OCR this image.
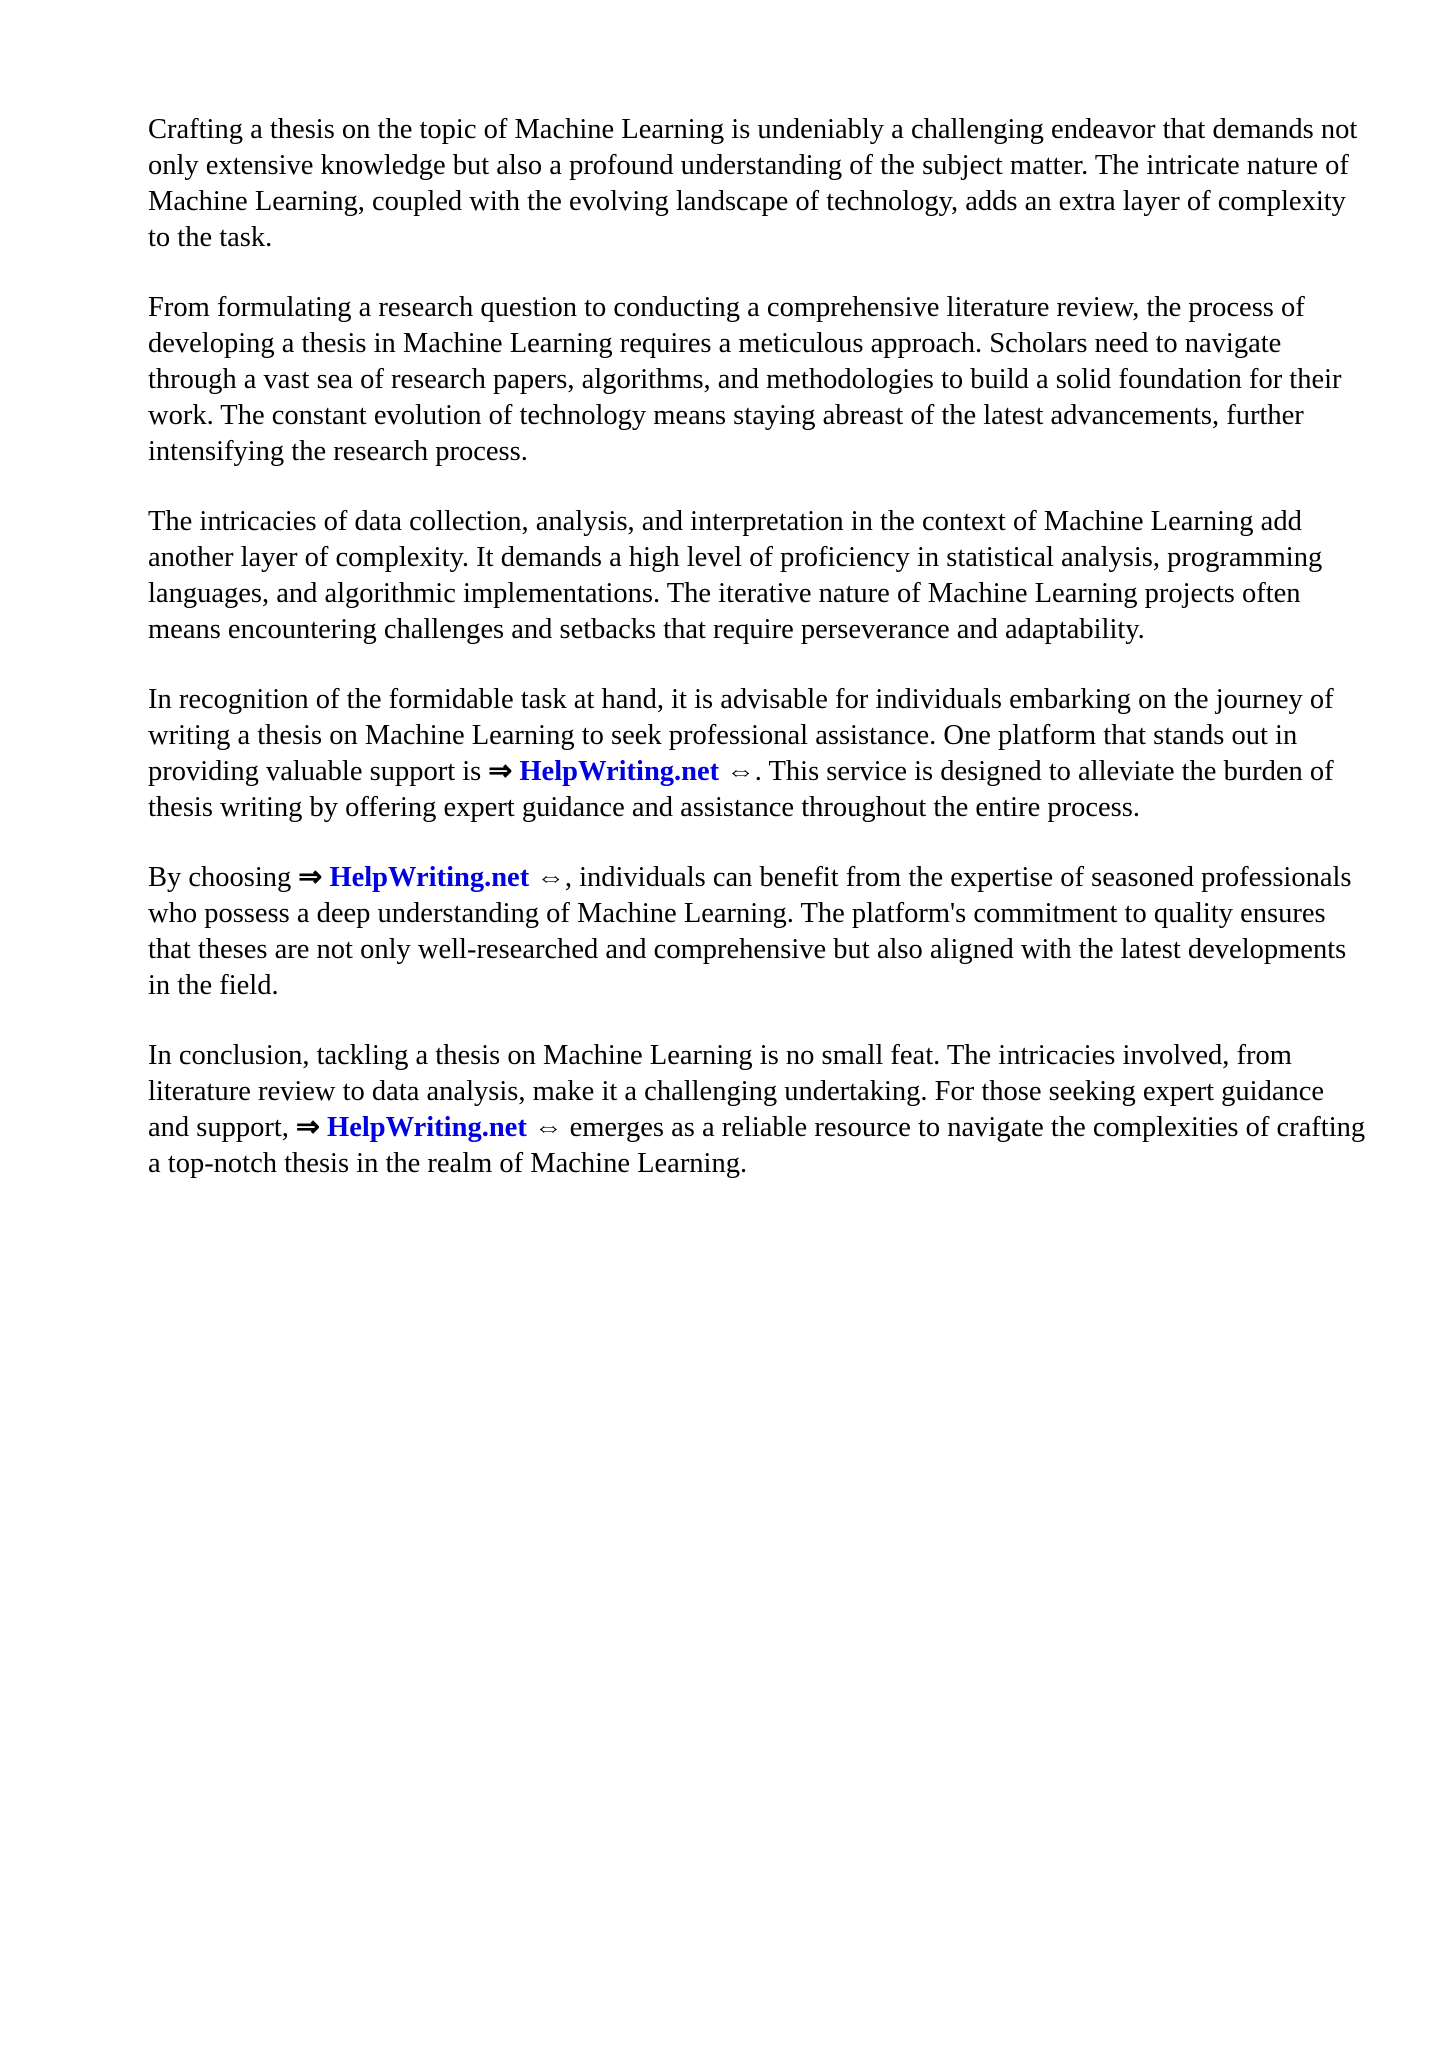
Crafting a thesis on the topic of Machine Learning is undeniably a challenging endeavor that demands not only extensive knowledge but also a profound understanding of the subject matter. The intricate nature of Machine Learning, coupled with the evolving landscape of technology, adds an extra layer of complexity to the task.

From formulating a research question to conducting a comprehensive literature review, the process of developing a thesis in Machine Learning requires a meticulous approach. Scholars need to navigate through a vast sea of research papers, algorithms, and methodologies to build a solid foundation for their work. The constant evolution of technology means staying abreast of the latest advancements, further intensifying the research process.

The intricacies of data collection, analysis, and interpretation in the context of Machine Learning add another layer of complexity. It demands a high level of proficiency in statistical analysis, programming languages, and algorithmic implementations. The iterative nature of Machine Learning projects often means encountering challenges and setbacks that require perseverance and adaptability.

In recognition of the formidable task at hand, it is advisable for individuals embarking on the journey of writing a thesis on Machine Learning to seek professional assistance. One platform that stands out in providing valuable support is ⇒ HelpWriting.net ⇔. This service is designed to alleviate the burden of thesis writing by offering expert guidance and assistance throughout the entire process.

By choosing ⇒ HelpWriting.net ⇔, individuals can benefit from the expertise of seasoned professionals who possess a deep understanding of Machine Learning. The platform's commitment to quality ensures that theses are not only well-researched and comprehensive but also aligned with the latest developments in the field.

In conclusion, tackling a thesis on Machine Learning is no small feat. The intricacies involved, from literature review to data analysis, make it a challenging undertaking. For those seeking expert guidance and support, ⇒ HelpWriting.net ⇔ emerges as a reliable resource to navigate the complexities of crafting a top-notch thesis in the realm of Machine Learning.
